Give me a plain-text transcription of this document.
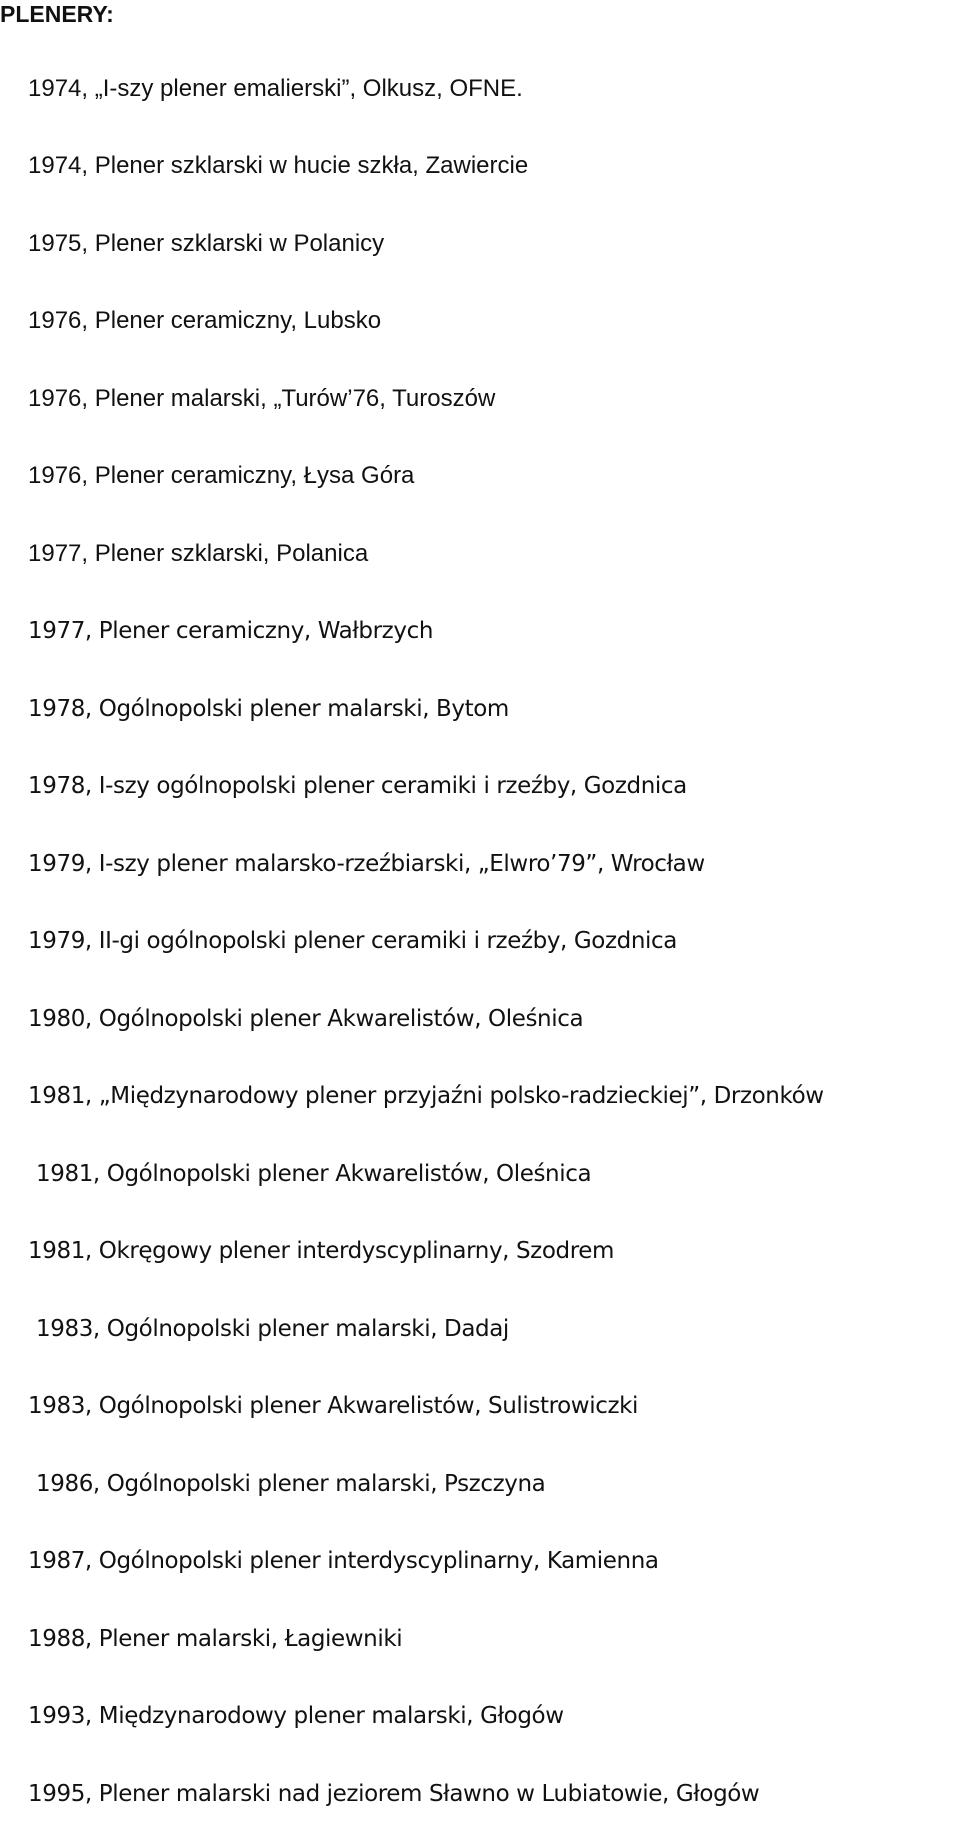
PLENERY:

1974, „I-szy plener emalierski”, Olkusz, OFNE.

1974, Plener szklarski w hucie szkła, Zawiercie

1975, Plener szklarski w Polanicy

1976, Plener ceramiczny, Lubsko

1976, Plener malarski, „Turów’76, Turoszów

1976, Plener ceramiczny, Łysa Góra

1977, Plener szklarski, Polanica

1977, Plener ceramiczny, Wałbrzych

1978, Ogólnopolski plener malarski, Bytom

1978, I-szy ogólnopolski plener ceramiki i rzeźby, Gozdnica

1979, I-szy plener malarsko-rzeźbiarski, „Elwro’79”, Wrocław

1979, II-gi ogólnopolski plener ceramiki i rzeźby, Gozdnica

1980, Ogólnopolski plener Akwarelistów, Oleśnica

1981, „Międzynarodowy plener przyjaźni polsko-radzieckiej”, Drzonków

1981, Ogólnopolski plener Akwarelistów, Oleśnica

1981, Okręgowy plener interdyscyplinarny, Szodrem

1983, Ogólnopolski plener malarski, Dadaj

1983, Ogólnopolski plener Akwarelistów, Sulistrowiczki

1986, Ogólnopolski plener malarski, Pszczyna

1987, Ogólnopolski plener interdyscyplinarny, Kamienna

1988, Plener malarski, Łagiewniki

1993, Międzynarodowy plener malarski, Głogów

1995, Plener malarski nad jeziorem Sławno w Lubiatowie, Głogów
